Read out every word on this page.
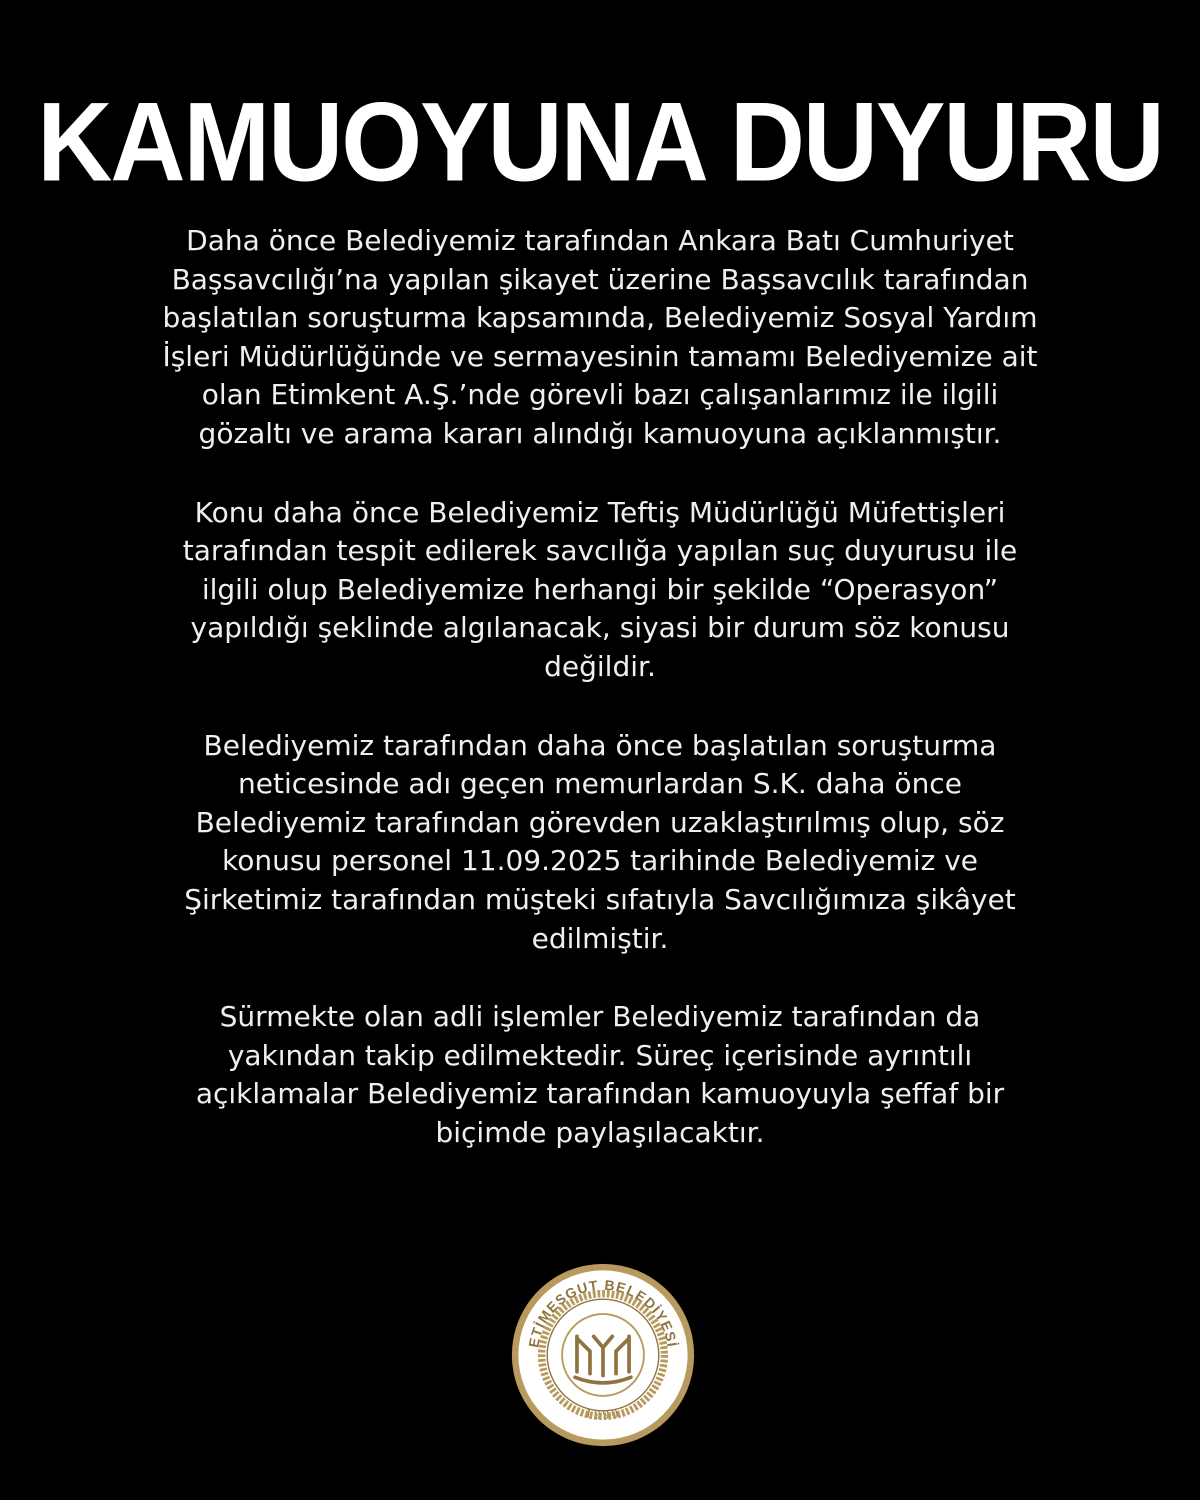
KAMUOYUNA DUYURU

Daha önce Belediyemiz tarafından Ankara Batı Cumhuriyet
Başsavcılığı’na yapılan şikayet üzerine Başsavcılık tarafından
başlatılan soruşturma kapsamında, Belediyemiz Sosyal Yardım
İşleri Müdürlüğünde ve sermayesinin tamamı Belediyemize ait
olan Etimkent A.Ş.’nde görevli bazı çalışanlarımız ile ilgili
gözaltı ve arama kararı alındığı kamuoyuna açıklanmıştır.

Konu daha önce Belediyemiz Teftiş Müdürlüğü Müfettişleri
tarafından tespit edilerek savcılığa yapılan suç duyurusu ile
ilgili olup Belediyemize herhangi bir şekilde “Operasyon”
yapıldığı şeklinde algılanacak, siyasi bir durum söz konusu
değildir.

Belediyemiz tarafından daha önce başlatılan soruşturma
neticesinde adı geçen memurlardan S.K. daha önce
Belediyemiz tarafından görevden uzaklaştırılmış olup, söz
konusu personel 11.09.2025 tarihinde Belediyemiz ve
Şirketimiz tarafından müşteki sıfatıyla Savcılığımıza şikâyet
edilmiştir.

Sürmekte olan adli işlemler Belediyemiz tarafından da
yakından takip edilmektedir. Süreç içerisinde ayrıntılı
açıklamalar Belediyemiz tarafından kamuoyuyla şeffaf bir
biçimde paylaşılacaktır.

ETİMESGUT BELEDİYESİ
1990
